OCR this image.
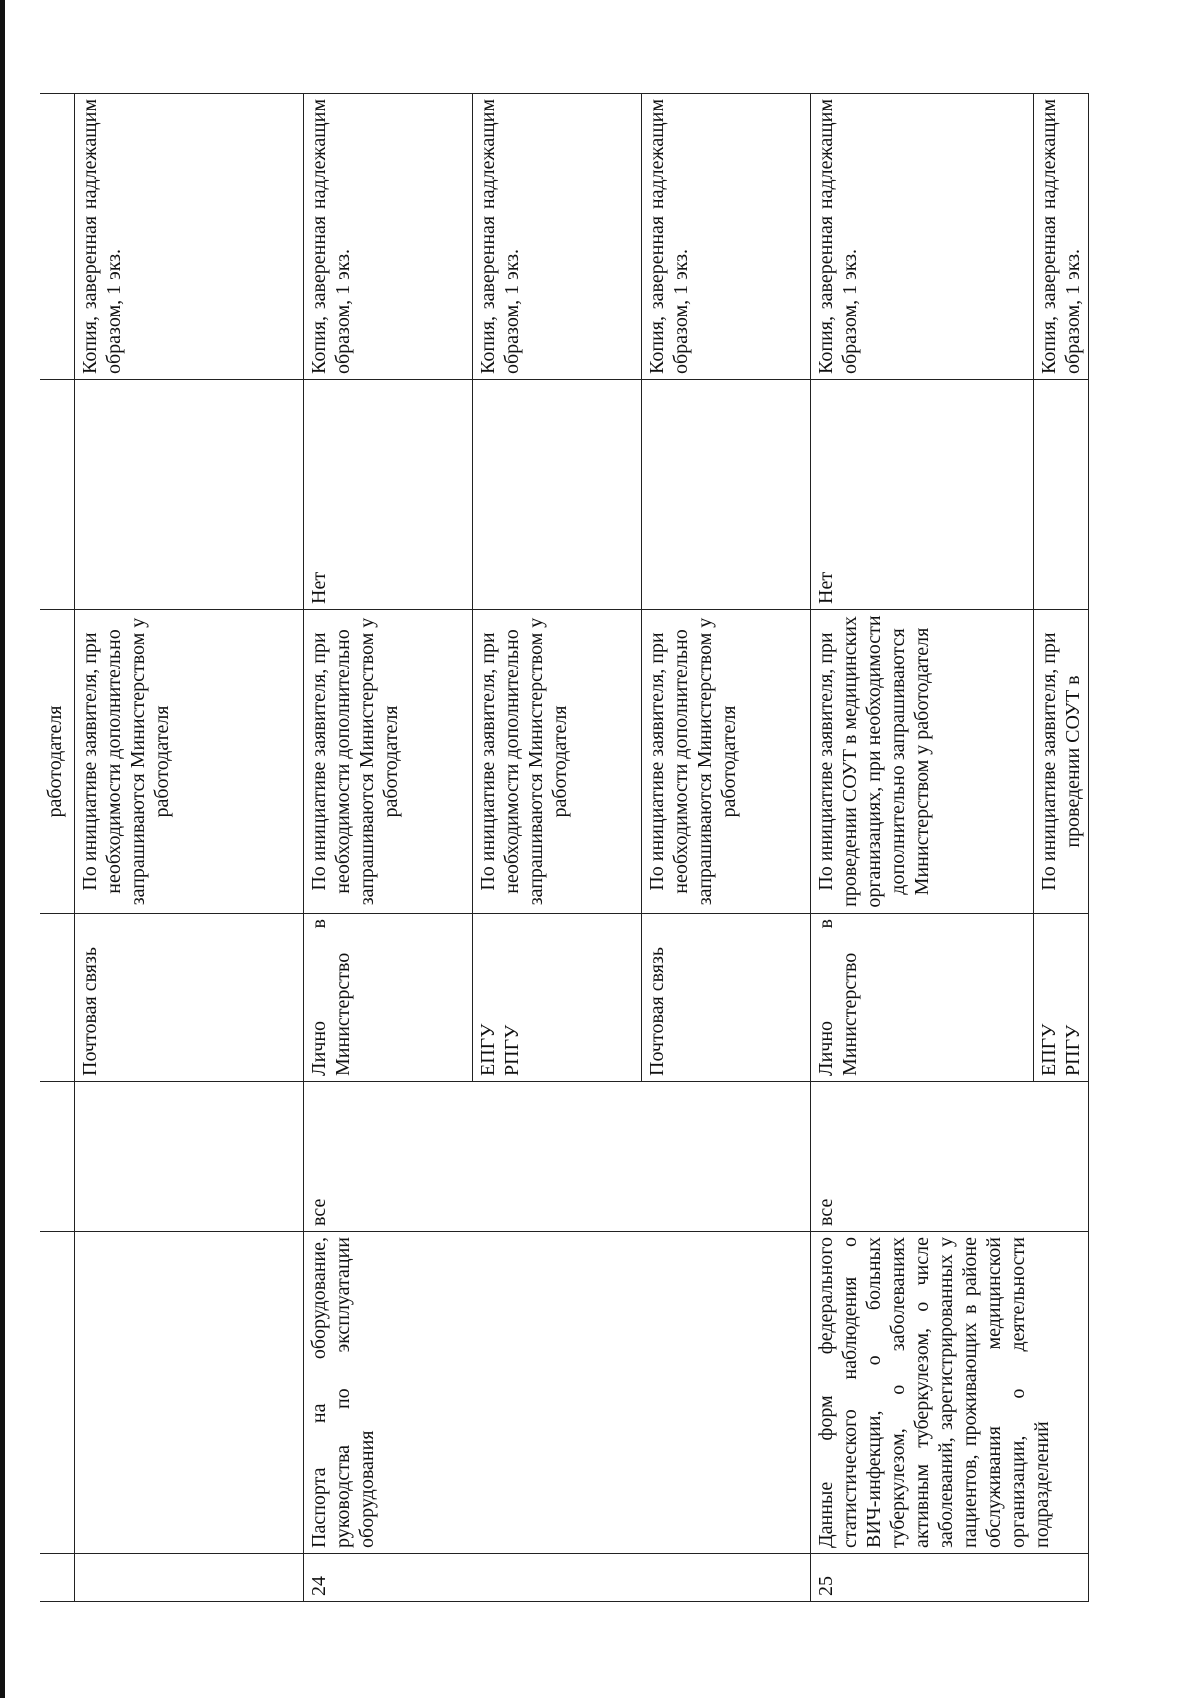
				работодателя		
			Почтовая связь	По инициативе заявителя, при необходимости дополнительно запрашиваются Министерством у работодателя		Копия, заверенная надлежащим образом, 1 экз.
24	Паспорта на оборудование, руководства по эксплуатации оборудования	все	Лично в Министерство	По инициативе заявителя, при необходимости дополнительно запрашиваются Министерством у работодателя	Нет	Копия, заверенная надлежащим образом, 1 экз.

			ЕПГУ РПГУ	По инициативе заявителя, при необходимости дополнительно запрашиваются Министерством у работодателя		Копия, заверенная надлежащим образом, 1 экз.
			Почтовая связь	По инициативе заявителя, при необходимости дополнительно запрашиваются Министерством у работодателя		Копия, заверенная надлежащим образом, 1 экз.
25	Данные форм федерального статистического наблюдения о ВИЧ-инфекции, о больных туберкулезом, о заболеваниях активным туберкулезом, о числе заболеваний, зарегистрированных у пациентов, проживающих в районе обслуживания медицинской организации, о деятельности подразделений	все	Лично в Министерство	По инициативе заявителя, при проведении СОУТ в медицинских организациях, при необходимости дополнительно запрашиваются Министерством у работодателя	Нет	Копия, заверенная надлежащим образом, 1 экз.

			ЕПГУ РПГУ	По инициативе заявителя, при проведении СОУТ в		Копия, заверенная надлежащим образом, 1 экз.
